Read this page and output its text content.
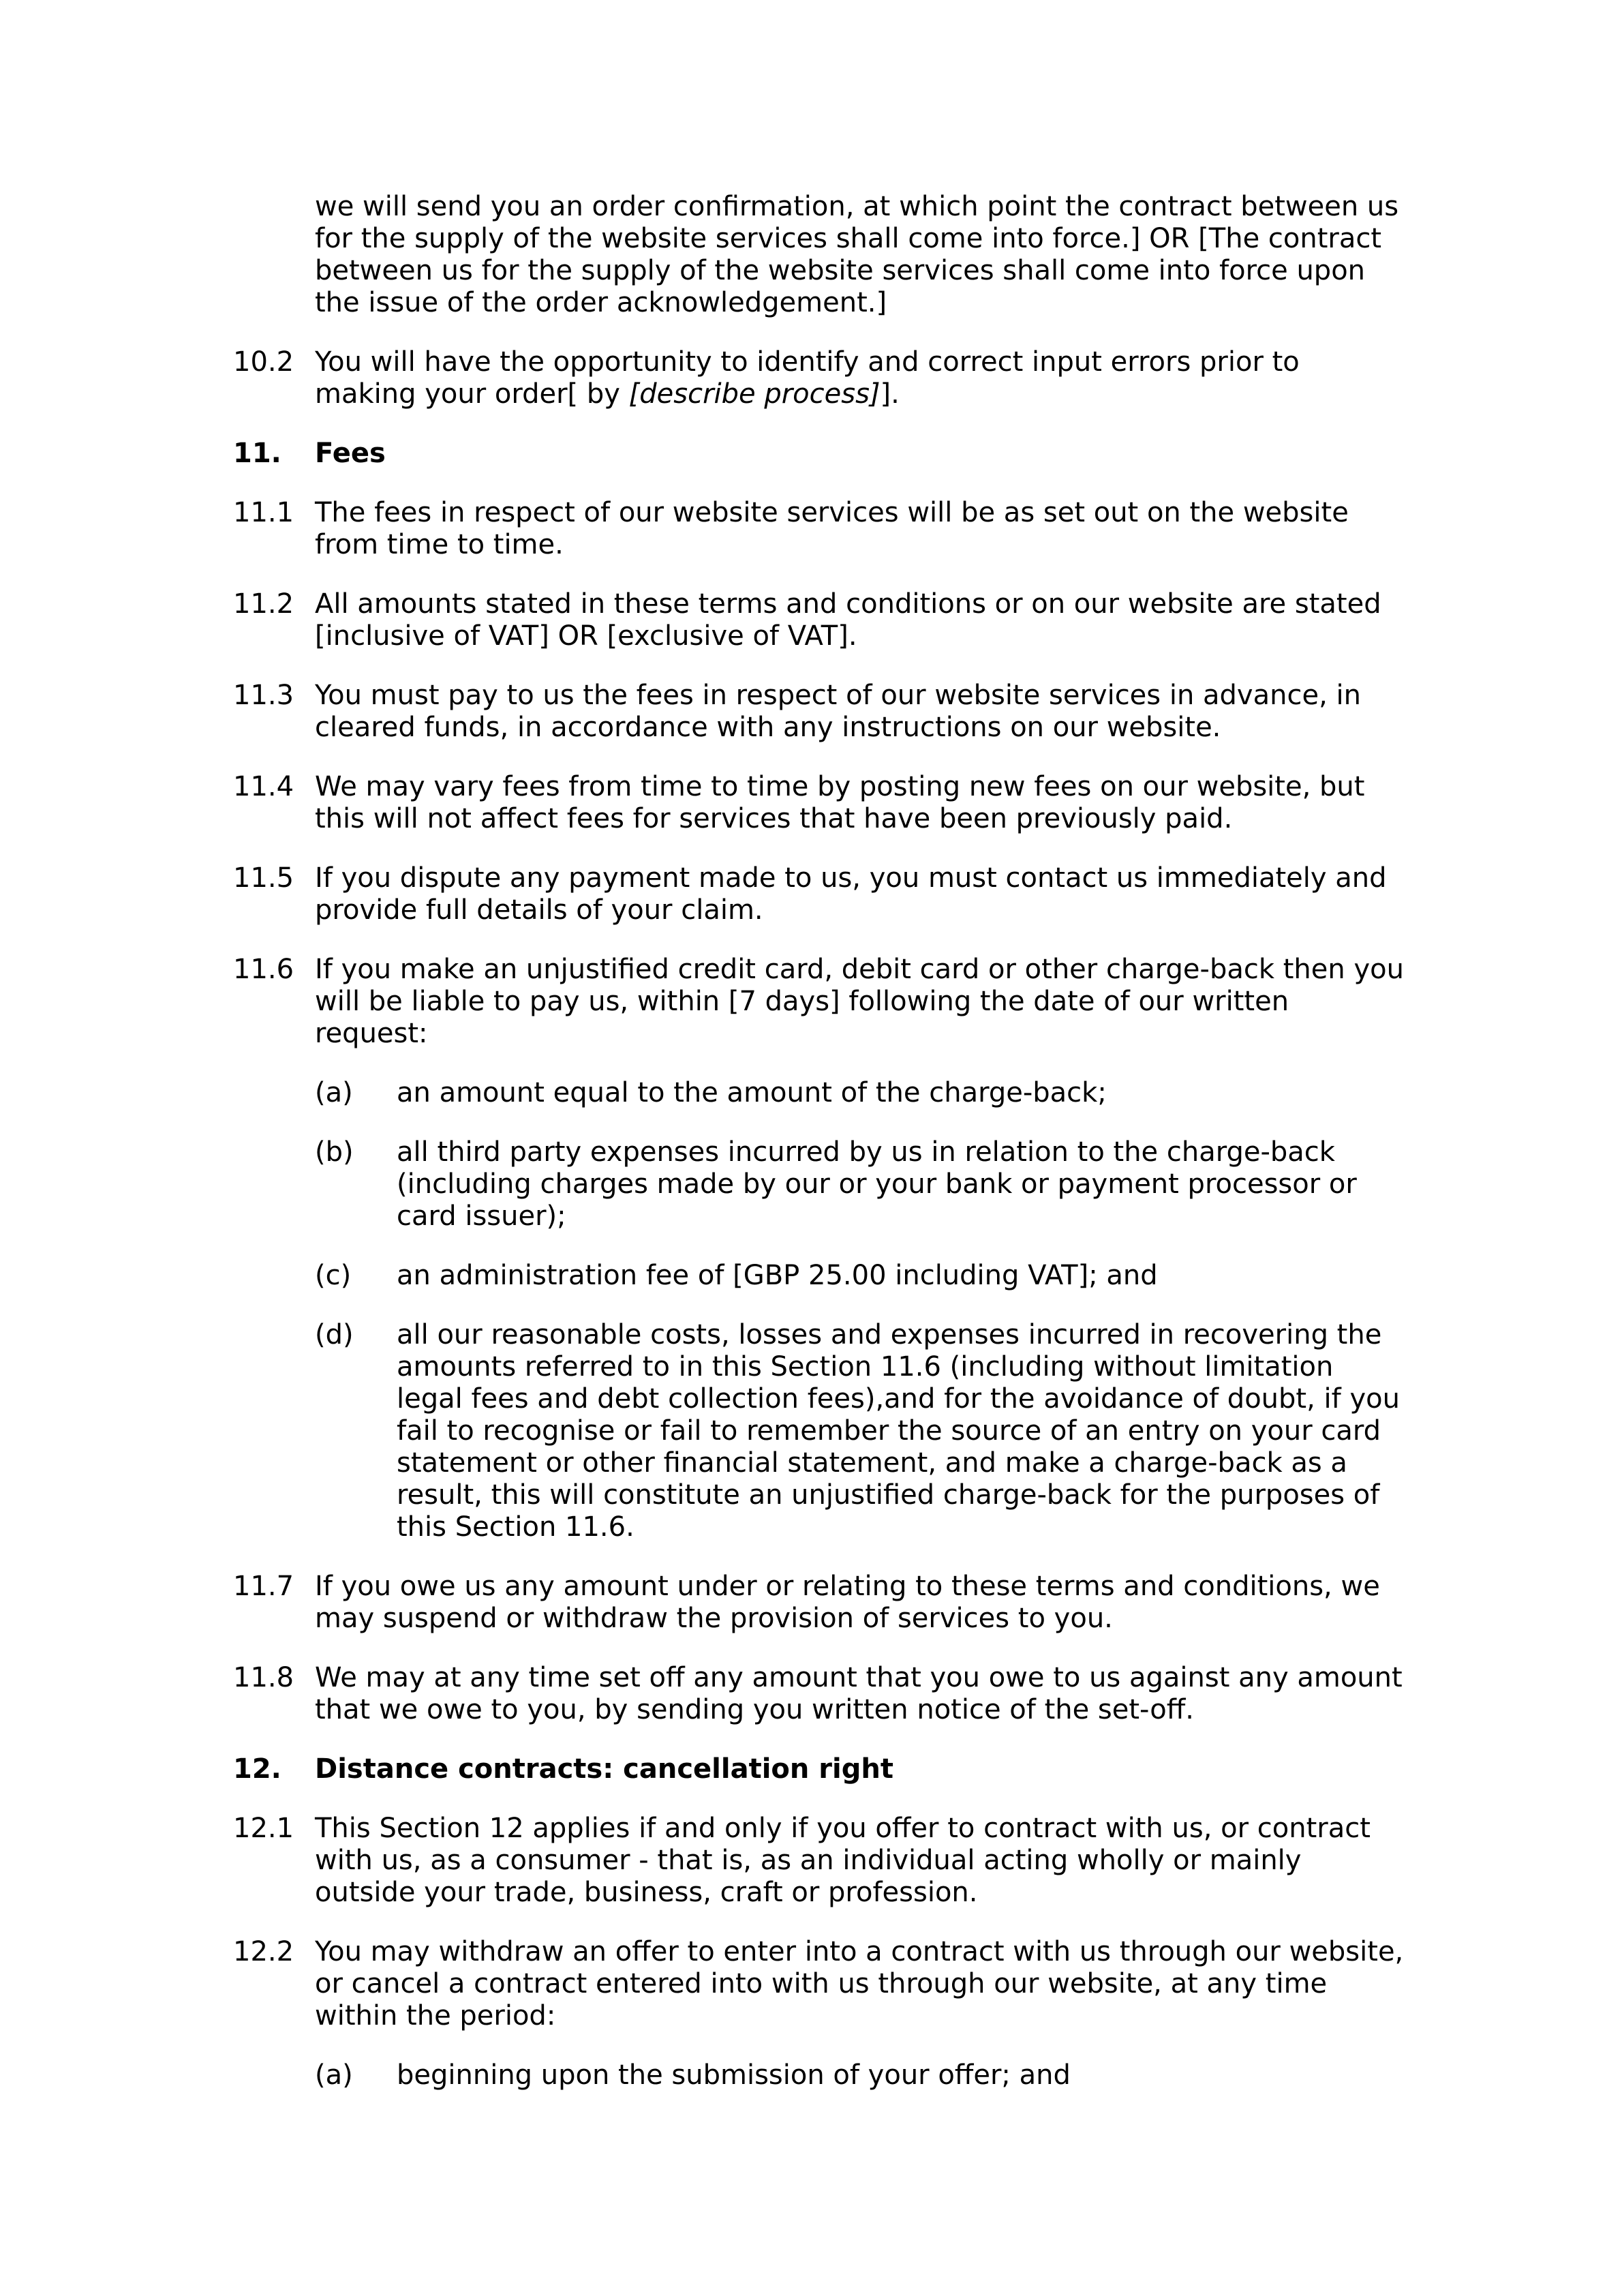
we will send you an order confirmation, at which point the contract between us for the supply of the website services shall come into force.] OR [The contract between us for the supply of the website services shall come into force upon the issue of the order acknowledgement.]
10.2 You will have the opportunity to identify and correct input errors prior to making your order[ by [describe process]].
11. Fees
11.1 The fees in respect of our website services will be as set out on the website from time to time.
11.2 All amounts stated in these terms and conditions or on our website are stated [inclusive of VAT] OR [exclusive of VAT].
11.3 You must pay to us the fees in respect of our website services in advance, in cleared funds, in accordance with any instructions on our website.
11.4 We may vary fees from time to time by posting new fees on our website, but this will not affect fees for services that have been previously paid.
11.5 If you dispute any payment made to us, you must contact us immediately and provide full details of your claim.
11.6 If you make an unjustified credit card, debit card or other charge-back then you will be liable to pay us, within [7 days] following the date of our written request:
(a) an amount equal to the amount of the charge-back;
(b) all third party expenses incurred by us in relation to the charge-back (including charges made by our or your bank or payment processor or card issuer);
(c) an administration fee of [GBP 25.00 including VAT]; and
(d) all our reasonable costs, losses and expenses incurred in recovering the amounts referred to in this Section 11.6 (including without limitation legal fees and debt collection fees),and for the avoidance of doubt, if you fail to recognise or fail to remember the source of an entry on your card statement or other financial statement, and make a charge-back as a result, this will constitute an unjustified charge-back for the purposes of this Section 11.6.
11.7 If you owe us any amount under or relating to these terms and conditions, we may suspend or withdraw the provision of services to you.
11.8 We may at any time set off any amount that you owe to us against any amount that we owe to you, by sending you written notice of the set-off.
12. Distance contracts: cancellation right
12.1 This Section 12 applies if and only if you offer to contract with us, or contract with us, as a consumer - that is, as an individual acting wholly or mainly outside your trade, business, craft or profession.
12.2 You may withdraw an offer to enter into a contract with us through our website, or cancel a contract entered into with us through our website, at any time within the period:
(a) beginning upon the submission of your offer; and
